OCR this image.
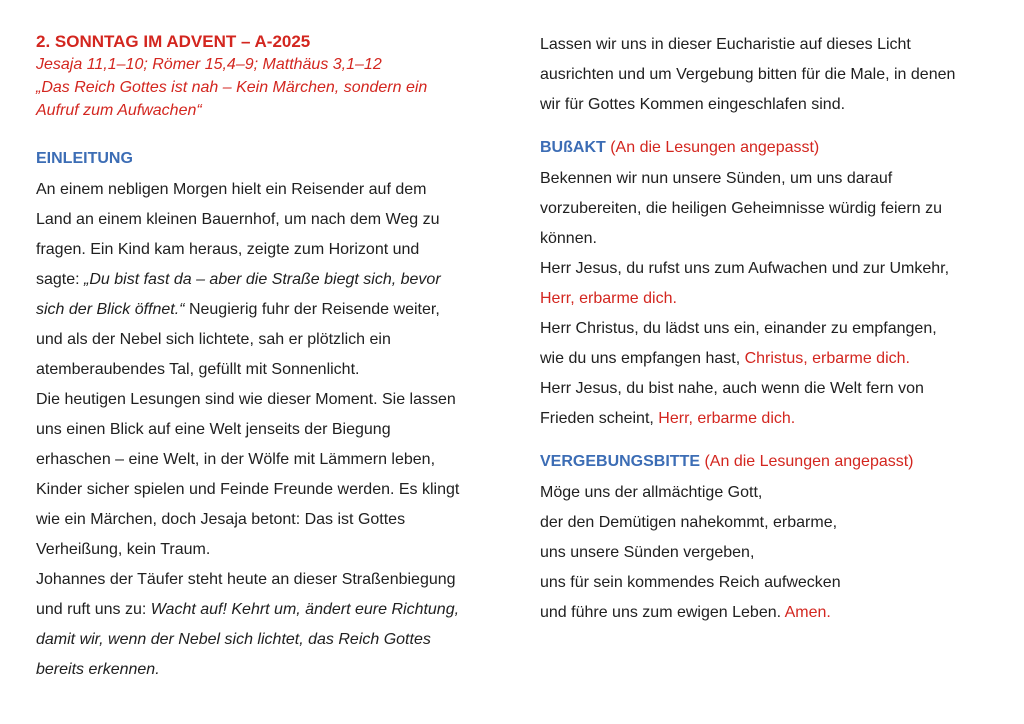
2. SONNTAG IM ADVENT – A-2025
Jesaja 11,1–10; Römer 15,4–9; Matthäus 3,1–12
„Das Reich Gottes ist nah – Kein Märchen, sondern ein
Aufruf zum Aufwachen“
EINLEITUNG
An einem nebligen Morgen hielt ein Reisender auf dem
Land an einem kleinen Bauernhof, um nach dem Weg zu
fragen. Ein Kind kam heraus, zeigte zum Horizont und
sagte: „Du bist fast da – aber die Straße biegt sich, bevor
sich der Blick öffnet.“ Neugierig fuhr der Reisende weiter,
und als der Nebel sich lichtete, sah er plötzlich ein
atemberaubendes Tal, gefüllt mit Sonnenlicht.
Die heutigen Lesungen sind wie dieser Moment. Sie lassen
uns einen Blick auf eine Welt jenseits der Biegung
erhaschen – eine Welt, in der Wölfe mit Lämmern leben,
Kinder sicher spielen und Feinde Freunde werden. Es klingt
wie ein Märchen, doch Jesaja betont: Das ist Gottes
Verheißung, kein Traum.
Johannes der Täufer steht heute an dieser Straßenbiegung
und ruft uns zu: Wacht auf! Kehrt um, ändert eure Richtung,
damit wir, wenn der Nebel sich lichtet, das Reich Gottes
bereits erkennen.
Lassen wir uns in dieser Eucharistie auf dieses Licht
ausrichten und um Vergebung bitten für die Male, in denen
wir für Gottes Kommen eingeschlafen sind.
BUßAKT (An die Lesungen angepasst)
Bekennen wir nun unsere Sünden, um uns darauf
vorzubereiten, die heiligen Geheimnisse würdig feiern zu
können.
Herr Jesus, du rufst uns zum Aufwachen und zur Umkehr,
Herr, erbarme dich.
Herr Christus, du lädst uns ein, einander zu empfangen,
wie du uns empfangen hast, Christus, erbarme dich.
Herr Jesus, du bist nahe, auch wenn die Welt fern von
Frieden scheint, Herr, erbarme dich.
VERGEBUNGSBITTE (An die Lesungen angepasst)
Möge uns der allmächtige Gott,
der den Demütigen nahekommt, erbarme,
uns unsere Sünden vergeben,
uns für sein kommendes Reich aufwecken
und führe uns zum ewigen Leben. Amen.
